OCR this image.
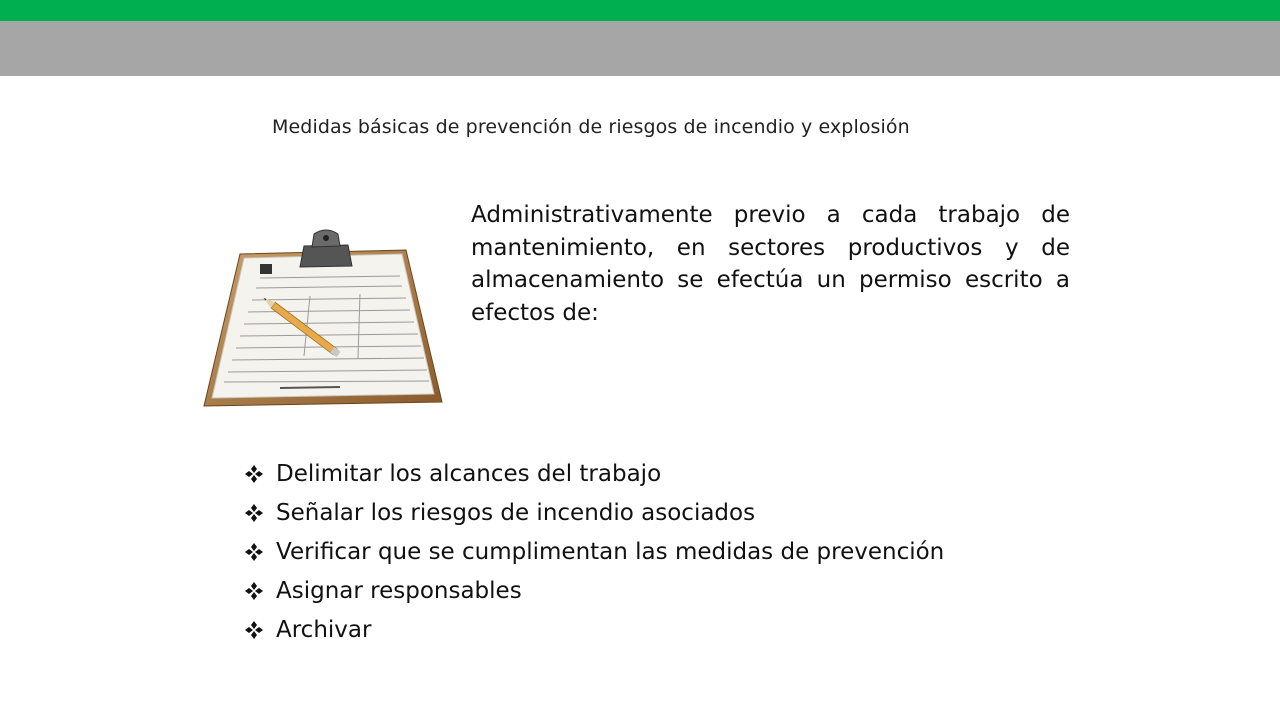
Medidas básicas de prevención de riesgos de incendio y explosión
Administrativamente previo a cada trabajo de mantenimiento, en sectores productivos y de almacenamiento se efectúa un permiso escrito a efectos de:
Delimitar los alcances del trabajo
Señalar los riesgos de incendio asociados
Verificar que se cumplimentan las medidas de prevención
Asignar responsables
Archivar
